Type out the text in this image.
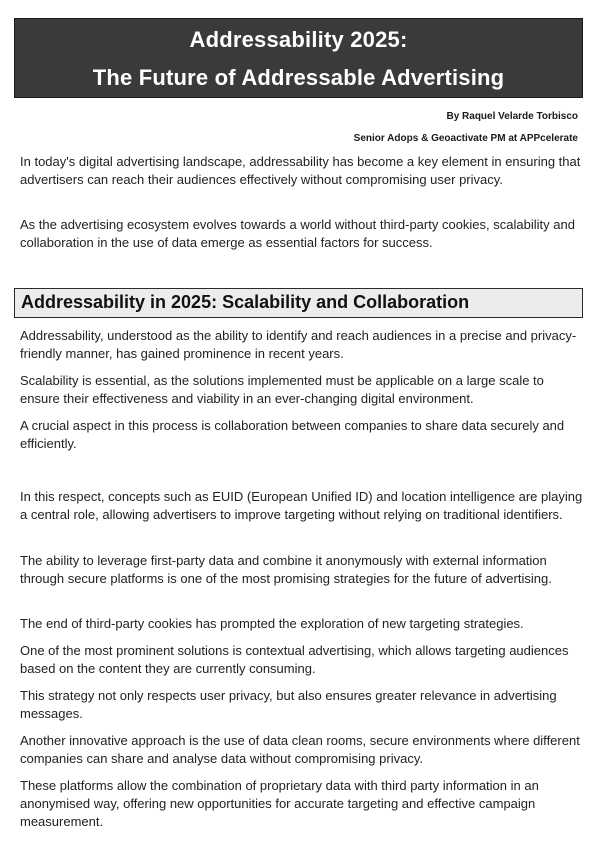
Addressability 2025:
The Future of Addressable Advertising
By Raquel Velarde Torbisco
Senior Adops & Geoactivate PM at APPcelerate

In today's digital advertising landscape, addressability has become a key element in ensuring that advertisers can reach their audiences effectively without compromising user privacy.

As the advertising ecosystem evolves towards a world without third-party cookies, scalability and collaboration in the use of data emerge as essential factors for success.

Addressability in 2025: Scalability and Collaboration

Addressability, understood as the ability to identify and reach audiences in a precise and privacy-friendly manner, has gained prominence in recent years.

Scalability is essential, as the solutions implemented must be applicable on a large scale to ensure their effectiveness and viability in an ever-changing digital environment.

A crucial aspect in this process is collaboration between companies to share data securely and efficiently.

In this respect, concepts such as EUID (European Unified ID) and location intelligence are playing a central role, allowing advertisers to improve targeting without relying on traditional identifiers.

The ability to leverage first-party data and combine it anonymously with external information through secure platforms is one of the most promising strategies for the future of advertising.

The end of third-party cookies has prompted the exploration of new targeting strategies.

One of the most prominent solutions is contextual advertising, which allows targeting audiences based on the content they are currently consuming.

This strategy not only respects user privacy, but also ensures greater relevance in advertising messages.

Another innovative approach is the use of data clean rooms, secure environments where different companies can share and analyse data without compromising privacy.

These platforms allow the combination of proprietary data with third party information in an anonymised way, offering new opportunities for accurate targeting and effective campaign measurement.
